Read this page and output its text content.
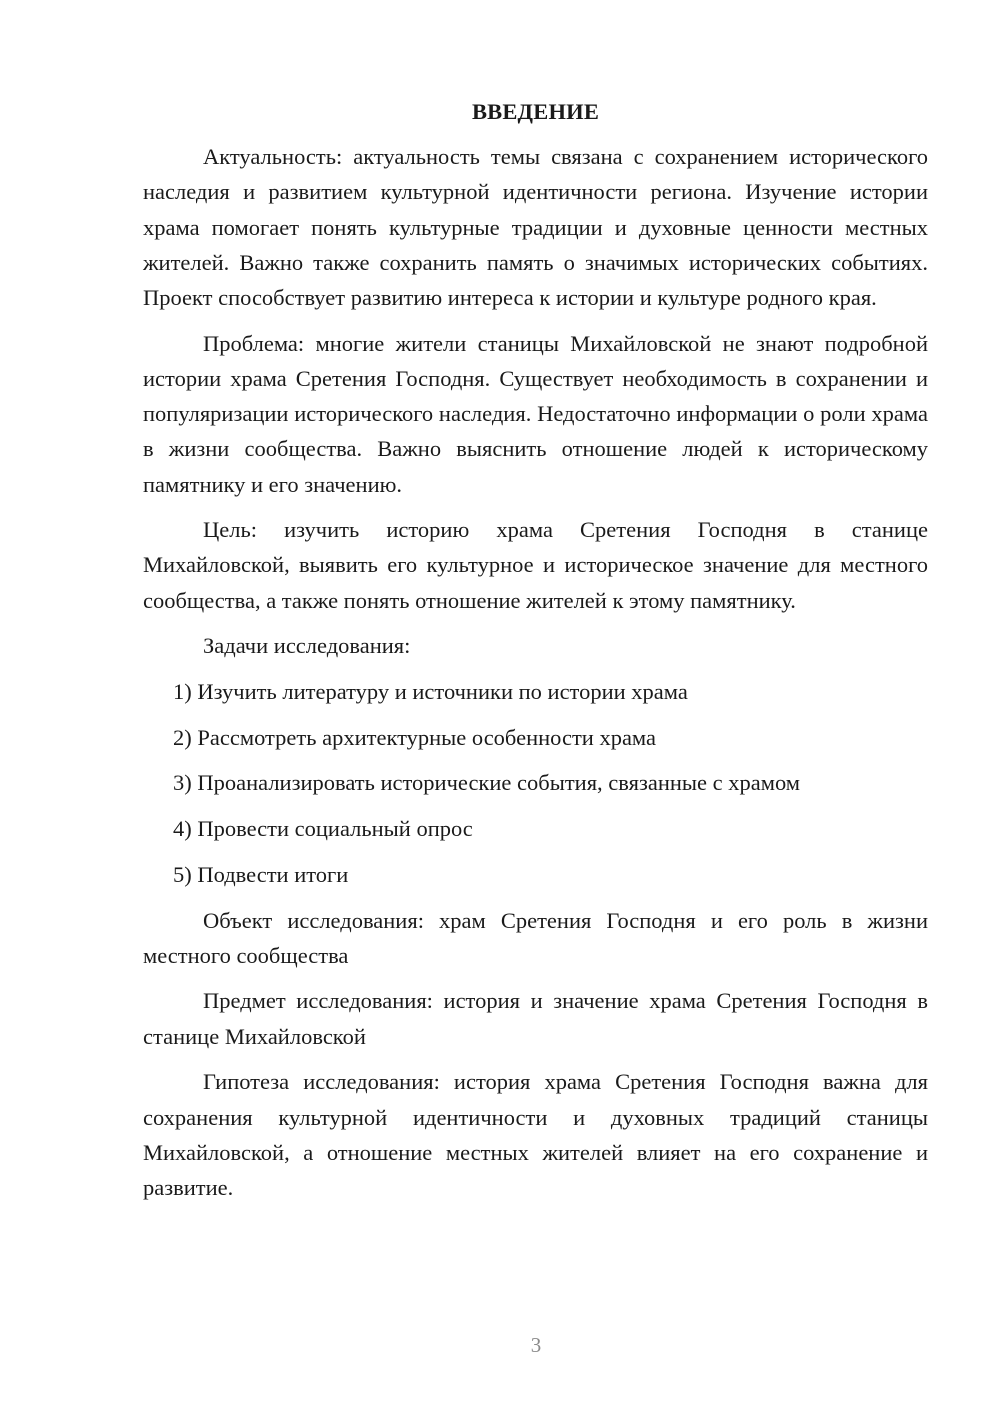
ВВЕДЕНИЕ

Актуальность: актуальность темы связана с сохранением исторического наследия и развитием культурной идентичности региона. Изучение истории храма помогает понять культурные традиции и духовные ценности местных жителей. Важно также сохранить память о значимых исторических событиях. Проект способствует развитию интереса к истории и культуре родного края.

Проблема: многие жители станицы Михайловской не знают подробной истории храма Сретения Господня. Существует необходимость в сохранении и популяризации исторического наследия. Недостаточно информации о роли храма в жизни сообщества. Важно выяснить отношение людей к историческому памятнику и его значению.

Цель: изучить историю храма Сретения Господня в станице Михайловской, выявить его культурное и историческое значение для местного сообщества, а также понять отношение жителей к этому памятнику.

Задачи исследования:

1) Изучить литературу и источники по истории храма
2) Рассмотреть архитектурные особенности храма
3) Проанализировать исторические события, связанные с храмом
4) Провести социальный опрос
5) Подвести итоги

Объект исследования: храм Сретения Господня и его роль в жизни местного сообщества

Предмет исследования: история и значение храма Сретения Господня в станице Михайловской

Гипотеза исследования: история храма Сретения Господня важна для сохранения культурной идентичности и духовных традиций станицы Михайловской, а отношение местных жителей влияет на его сохранение и развитие.

3
